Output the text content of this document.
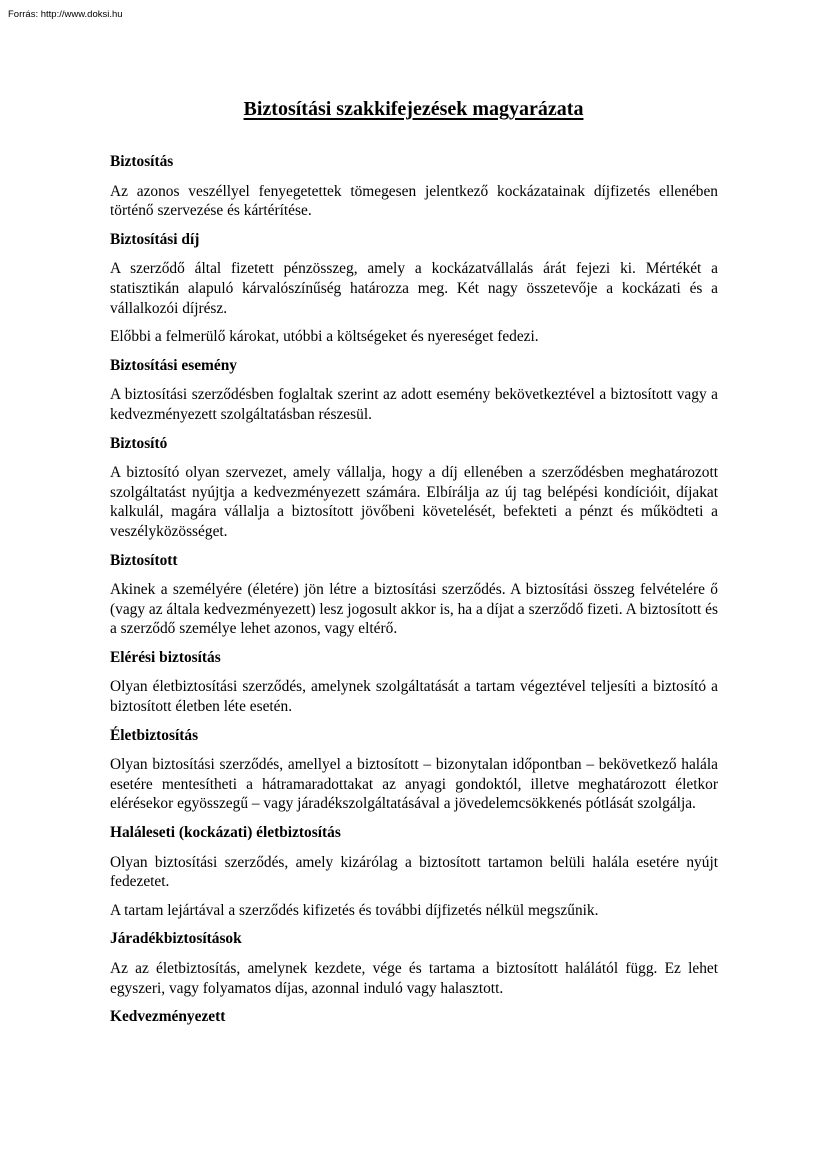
Forrás: http://www.doksi.hu
Biztosítási szakkifejezések magyarázata
Biztosítás

Az azonos veszéllyel fenyegetettek tömegesen jelentkező kockázatainak díjfizetés ellenében történő szervezése és kártérítése.

Biztosítási díj

A szerződő által fizetett pénzösszeg, amely a kockázatvállalás árát fejezi ki. Mértékét a statisztikán alapuló kárvalószínűség határozza meg. Két nagy összetevője a kockázati és a vállalkozói díjrész.

Előbbi a felmerülő károkat, utóbbi a költségeket és nyereséget fedezi.

Biztosítási esemény

A biztosítási szerződésben foglaltak szerint az adott esemény bekövetkeztével a biztosított vagy a kedvezményezett szolgáltatásban részesül.

Biztosító

A biztosító olyan szervezet, amely vállalja, hogy a díj ellenében a szerződésben meghatározott szolgáltatást nyújtja a kedvezményezett számára. Elbírálja az új tag belépési kondícióit, díjakat kalkulál, magára vállalja a biztosított jövőbeni követelését, befekteti a pénzt és működteti a veszélyközösséget.

Biztosított

Akinek a személyére (életére) jön létre a biztosítási szerződés. A biztosítási összeg felvételére ő (vagy az általa kedvezményezett) lesz jogosult akkor is, ha a díjat a szerződő fizeti. A biztosított és a szerződő személye lehet azonos, vagy eltérő.

Elérési biztosítás

Olyan életbiztosítási szerződés, amelynek szolgáltatását a tartam végeztével teljesíti a biztosító a biztosított életben léte esetén.

Életbiztosítás

Olyan biztosítási szerződés, amellyel a biztosított – bizonytalan időpontban – bekövetkező halála esetére mentesítheti a hátramaradottakat az anyagi gondoktól, illetve meghatározott életkor elérésekor egyösszegű – vagy járadékszolgáltatásával a jövedelemcsökkenés pótlását szolgálja.

Haláleseti (kockázati) életbiztosítás

Olyan biztosítási szerződés, amely kizárólag a biztosított tartamon belüli halála esetére nyújt fedezetet.

A tartam lejártával a szerződés kifizetés és további díjfizetés nélkül megszűnik.

Járadékbiztosítások

Az az életbiztosítás, amelynek kezdete, vége és tartama a biztosított halálától függ. Ez lehet egyszeri, vagy folyamatos díjas, azonnal induló vagy halasztott.

Kedvezményezett
